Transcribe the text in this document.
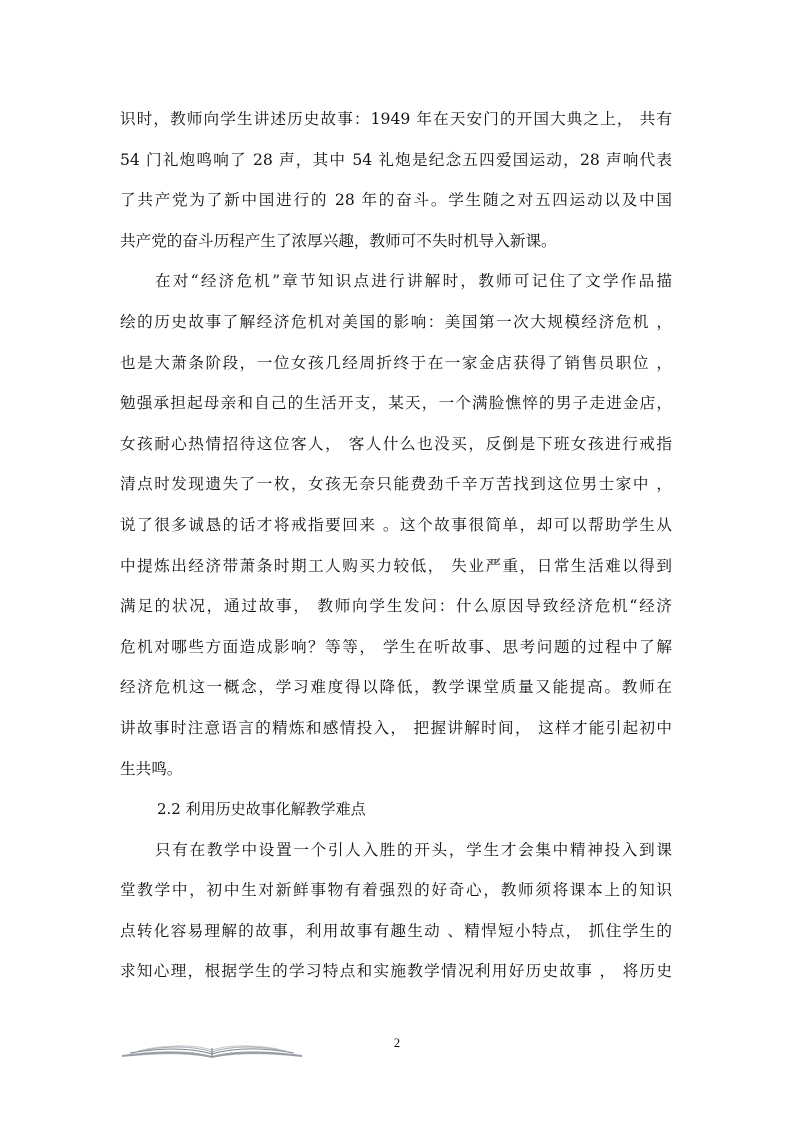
识时，教师向学生讲述历史故事：1949 年在天安门的开国大典之上， 共有
54 门礼炮鸣响了 28 声，其中 54 礼炮是纪念五四爱国运动，28 声响代表
了共产党为了新中国进行的 28 年的奋斗。学生随之对五四运动以及中国
共产党的奋斗历程产生了浓厚兴趣，教师可不失时机导入新课。
在对“经济危机”章节知识点进行讲解时，教师可记住了文学作品描
绘的历史故事了解经济危机对美国的影响：美国第一次大规模经济危机 ，
也是大萧条阶段，一位女孩几经周折终于在一家金店获得了销售员职位 ，
勉强承担起母亲和自己的生活开支，某天，一个满脸憔悴的男子走进金店，
女孩耐心热情招待这位客人， 客人什么也没买，反倒是下班女孩进行戒指
清点时发现遗失了一枚，女孩无奈只能费劲千辛万苦找到这位男士家中 ，
说了很多诚恳的话才将戒指要回来 。这个故事很简单，却可以帮助学生从
中提炼出经济带萧条时期工人购买力较低， 失业严重，日常生活难以得到
满足的状况，通过故事， 教师向学生发问：什么原因导致经济危机“经济
危机对哪些方面造成影响？等等， 学生在听故事、思考问题的过程中了解
经济危机这一概念，学习难度得以降低，教学课堂质量又能提高。教师在
讲故事时注意语言的精炼和感情投入， 把握讲解时间， 这样才能引起初中
生共鸣。
2.2 利用历史故事化解教学难点
只有在教学中设置一个引人入胜的开头，学生才会集中精神投入到课
堂教学中，初中生对新鲜事物有着强烈的好奇心，教师须将课本上的知识
点转化容易理解的故事，利用故事有趣生动 、精悍短小特点， 抓住学生的
求知心理，根据学生的学习特点和实施教学情况利用好历史故事 ， 将历史
2
